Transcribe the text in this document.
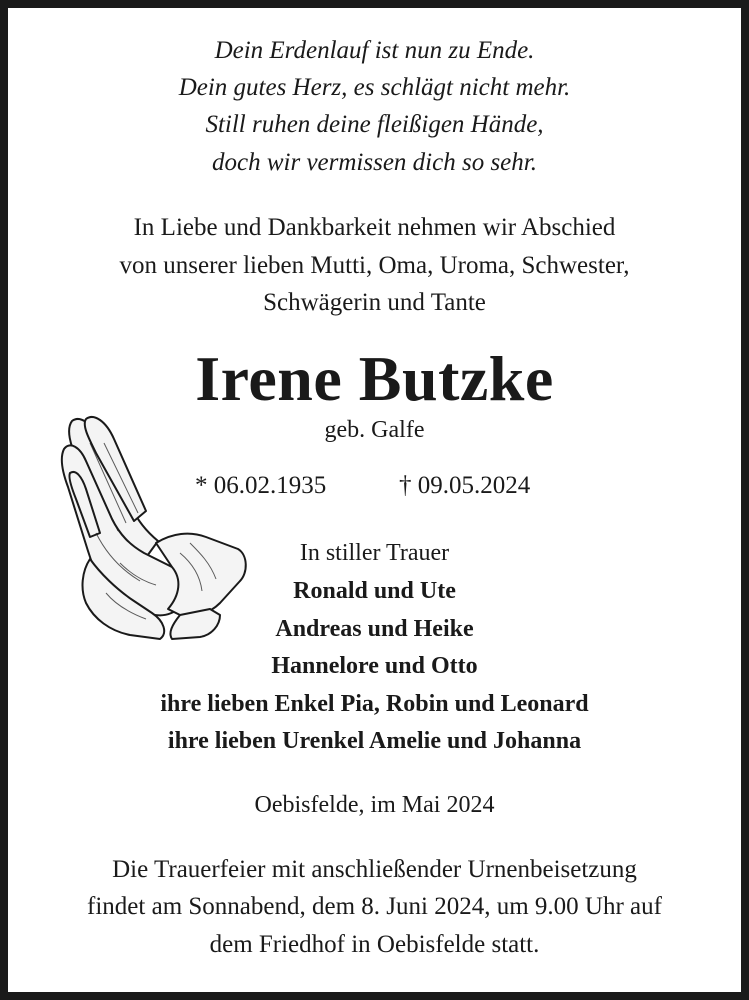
Dein Erdenlauf ist nun zu Ende.
Dein gutes Herz, es schlägt nicht mehr.
Still ruhen deine fleißigen Hände,
doch wir vermissen dich so sehr.
In Liebe und Dankbarkeit nehmen wir Abschied
von unserer lieben Mutti, Oma, Uroma, Schwester,
Schwägerin und Tante
Irene Butzke
geb. Galfe
* 06.02.1935	† 09.05.2024
In stiller Trauer
Ronald und Ute
Andreas und Heike
Hannelore und Otto
ihre lieben Enkel Pia, Robin und Leonard
ihre lieben Urenkel Amelie und Johanna
Oebisfelde, im Mai 2024
Die Trauerfeier mit anschließender Urnenbeisetzung
findet am Sonnabend, dem 8. Juni 2024, um 9.00 Uhr auf
dem Friedhof in Oebisfelde statt.
